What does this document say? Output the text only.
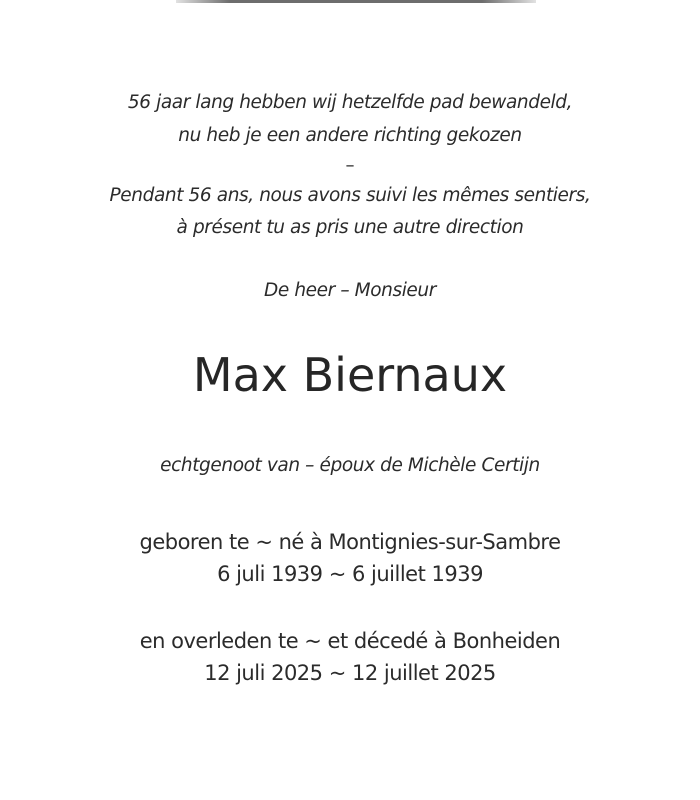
56 jaar lang hebben wij hetzelfde pad bewandeld,
nu heb je een andere richting gekozen
–
Pendant 56 ans, nous avons suivi les mêmes sentiers,
à présent tu as pris une autre direction
De heer – Monsieur
Max Biernaux
echtgenoot van – époux de Michèle Certijn
geboren te ~ né à Montignies-sur-Sambre
6 juli 1939 ~ 6 juillet 1939
en overleden te ~ et décedé à Bonheiden
12 juli 2025 ~ 12 juillet 2025
